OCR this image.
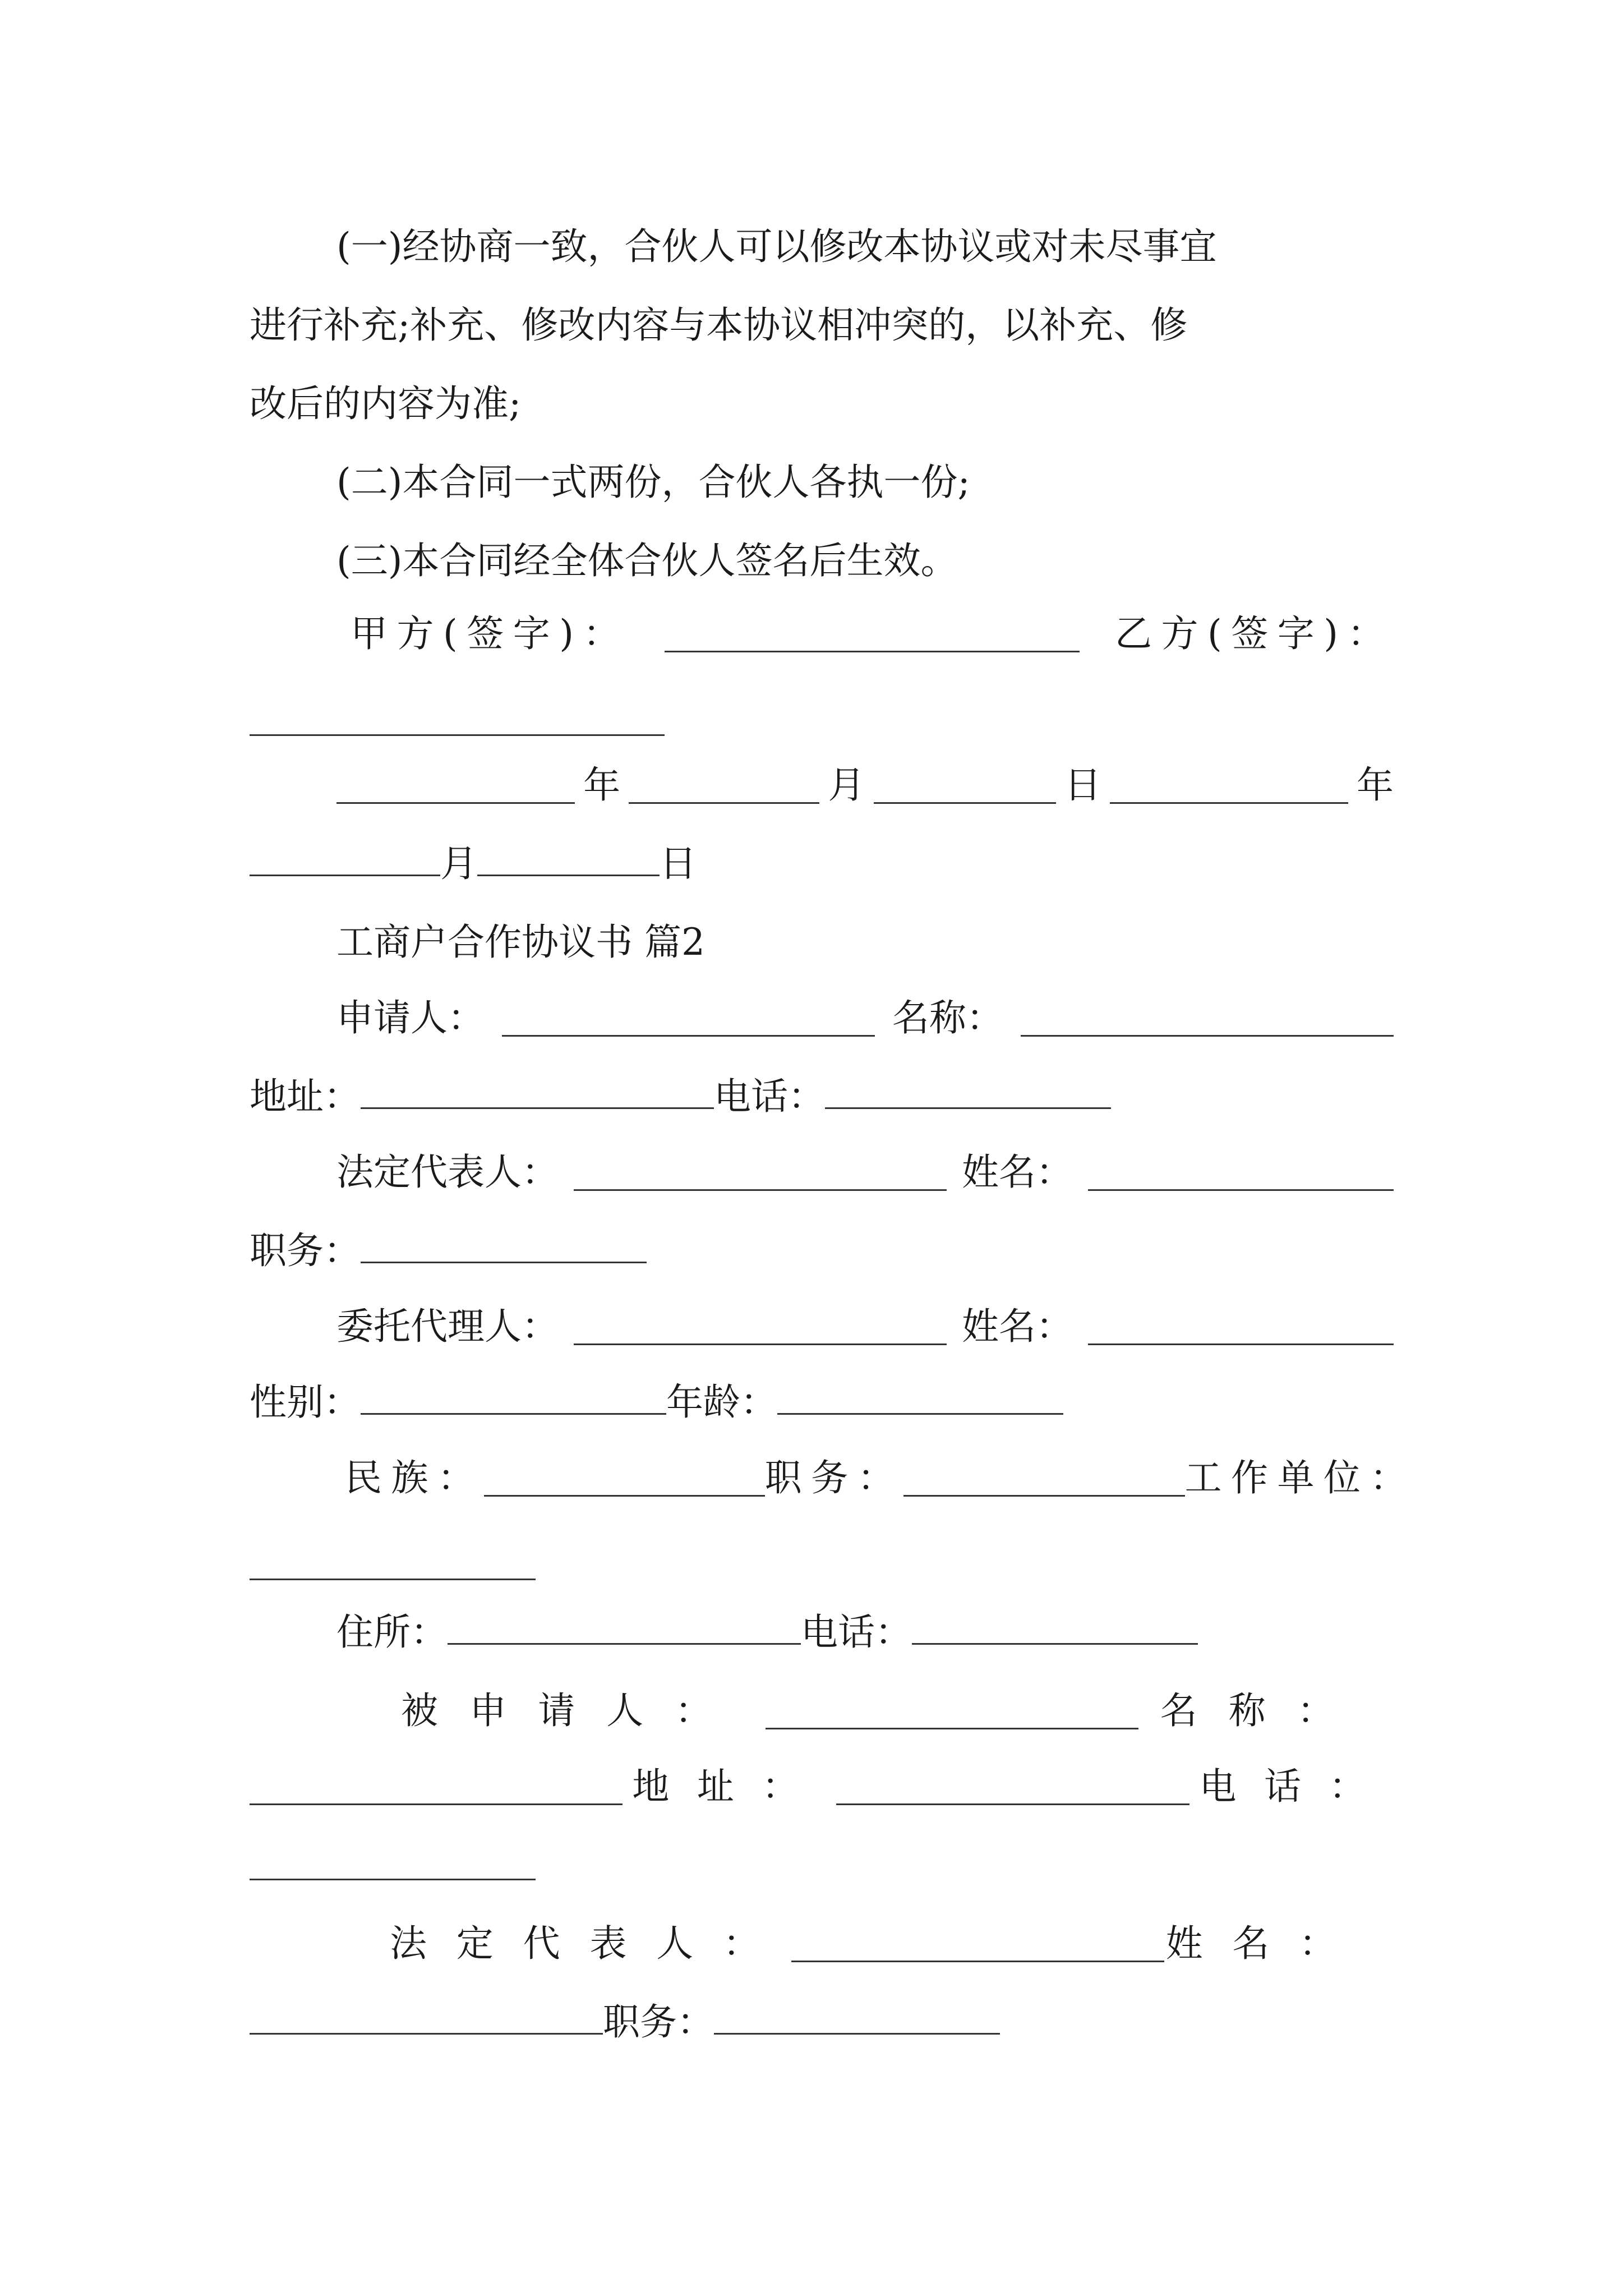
(一)经协商一致，合伙人可以修改本协议或对未尽事宜
进行补充;补充、修改内容与本协议相冲突的，以补充、修
改后的内容为准;
(二)本合同一式两份，合伙人各执一份;
(三)本合同经全体合伙人签名后生效。
甲方(签字)：	乙方(签字)：
年	月	日	年
月	日
工商户合作协议书 篇2
申请人：	名称：
地址：	电话：
法定代表人：	姓名：
职务：
委托代理人：	姓名：
性别：	年龄：
民族：	职务：	工作单位：
住所：	电话：
被申请人：	名称：
地址：	电话：
法定代表人：	姓名：
职务：
